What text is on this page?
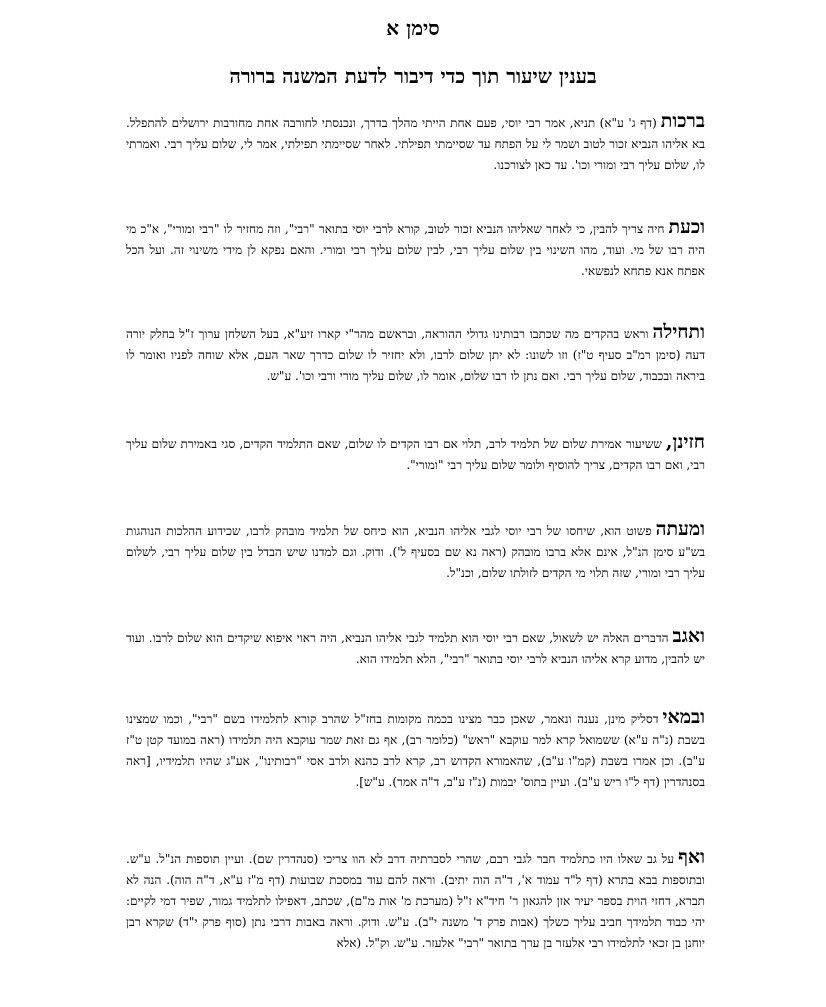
סימן א
בענין שיעור תוך כדי דיבור לדעת המשנה ברורה

ברכות(דף ג' ע"א) תניא, אמר רבי יוסי, פעם אחת הייתי מהלך בדרך, ונכנסתי לחורבה אחת מחורבות ירושלים להתפלל. בא אליהו הנביא זכור לטוב ושמר לי על הפתח עד שסיימתי תפילתי. לאחר שסיימתי תפילתי, אמר לי, שלום עליך רבי. ואמרתי לו, שלום עליך רבי ומורי וכו'. עד כאן לצורכנו.

וכעתחיה צריך להבין, כי לאחר שאליהו הנביא זכור לטוב, קורא לרבי יוסי בתואר "רבי", וזה מחזיר לו "רבי ומורי", א"כ מי היה רבו של מי. ועוד, מהו השינוי בין שלום עליך רבי, לבין שלום עליך רבי ומורי. והאם נפקא לן מידי משינוי זה. ועל הכל אפתח אנא פתחא לנפשאי.

ותחילהוראש בהקדים מה שכתבו רבותינו גדולי ההוראה, ובראשם מהר"י קארו זיע"א, בעל השלחן ערוך ז"ל בחלק יורה דעה (סימן רמ"ב סעיף ט"ז) וזו לשונו: לא יתן שלום לרבו, ולא יחזיר לו שלום כדרך שאר העם, אלא שוחה לפניו ואומר לו ביראה ובכבוד, שלום עליך רבי. ואם נתן לו רבו שלום, אומר לו, שלום עליך מורי ורבי וכו'. ע"ש.

חזינן,ששיעור אמירת שלום של תלמיד לרב, תלוי אם רבו הקדים לו שלום, שאם התלמיד הקדים, סגי באמירת שלום עליך רבי, ואם רבו הקדים, צריך להוסיף ולומר שלום עליך רבי "ומורי".

ומעתהפשוט הוא, שיחסו של רבי יוסי לגבי אליהו הנביא, הוא כיחס של תלמיד מובהק לרבו, שכידוע ההלכות הנוהגות בש"ע סימן הנ"ל, אינם אלא ברבו מובהק (ראה נא שם בסעיף ל'). ודוק. וגם למדנו שיש הבדל בין שלום עליך רבי, לשלום עליך רבי ומורי, שזה תלוי מי הקדים לזולתו שלום, וכנ"ל.

ואגבהדברים האלה יש לשאול, שאם רבי יוסי הוא תלמיד לגבי אליהו הנביא, היה ראוי איפוא שיקדים הוא שלום לרבו. ועוד יש להבין, מדוע קרא אליהו הנביא לרבי יוסי בתואר "רבי", הלא תלמידו הוא.

ובמאידסליק מינן, נענה ונאמר, שאכן כבר מצינו בכמה מקומות בחז"ל שהרב קורא לתלמידו בשם "רבי", וכמו שמצינו בשבת (נ"ה ע"א) ששמואל קרא למר עוקבא "ראש" (כלומר רב), אף גם זאת שמר עוקבא היה תלמידו (ראה במועד קטן ט"ז ע"ב). וכן אמרו בשבת (קמ"ו ע"ב), שהאמורא הקדוש רב, קרא לרב כהנא ולרב אסי "רבותינו", אע"ג שהיו תלמידיו, [ראה בסנהדרין (דף ל"ו ריש ע"ב). ועיין בתוס' יבמות (נ"ז ע"ב, ד"ה אמר). ע"ש].

ואףעל גב שאלו היו כתלמיד חבר לגבי רבם, שהרי לסברתיה דרב לא הוו צריכי (סנהדרין שם). ועיין תוספות הנ"ל. ע"ש. ובתוספות בבא בתרא (דף ל"ד עמוד א', ד"ה הוה יתיב). וראה להם עוד במסכת שבועות (דף מ"ז ע"א, ד"ה הוה). הנה לא תברא, דחזי הוית בספר יעיר אזן להגאון ר' חיד"א ז"ל (מערכת מ' אות מ"ם), שכתב, דאפילו לתלמיד גמור, שפיר דמי לקיים: יהי כבוד תלמידך חביב עליך כשלך (אבות פרק ד' משנה י"ב). ע"ש. ודוק. וראה באבות דרבי נתן (סוף פרק י"ד) שקרא רבן יוחנן בן זכאי לתלמידו רבי אלעזר בן ערך בתואר "רבי" אלעזר. ע"ש. וק"ל. (אלא
